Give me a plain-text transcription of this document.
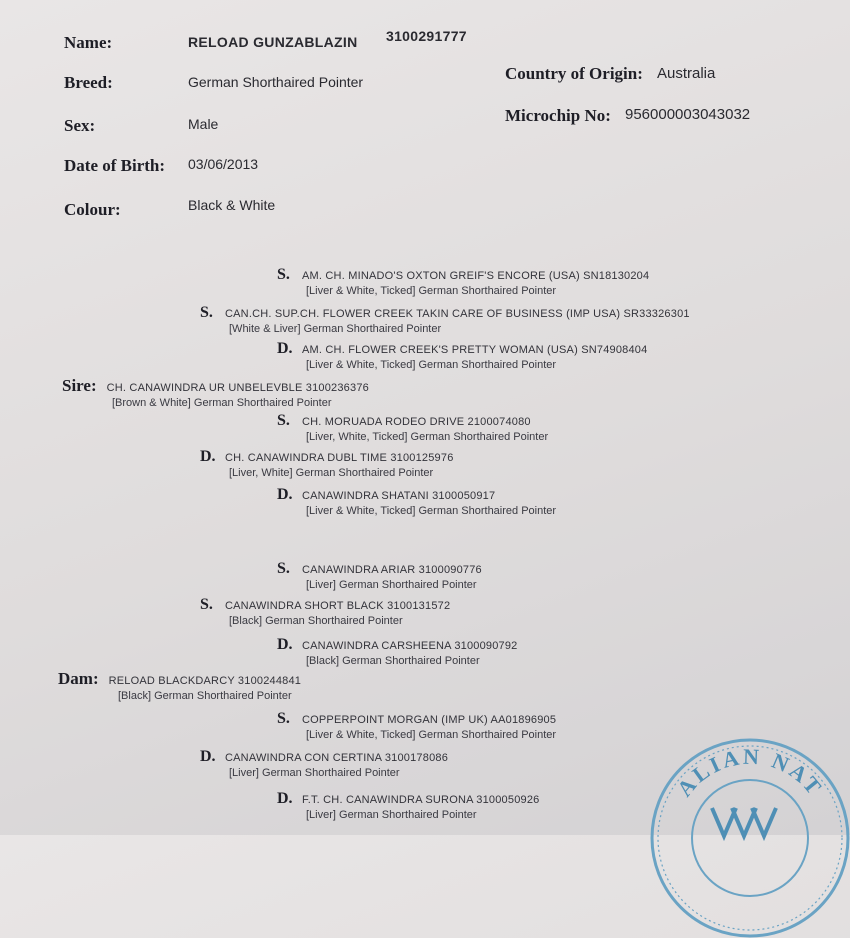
Name:	RELOAD GUNZABLAZIN 3100291777
Breed:	German Shorthaired Pointer	Country of Origin: Australia
Sex:	Male	Microchip No: 956000003043032
Date of Birth: 03/06/2013
Colour:	Black & White
S.	AM. CH. MINADO'S OXTON GREIF'S ENCORE (USA) SN18130204
[Liver & White, Ticked] German Shorthaired Pointer
S.	CAN.CH. SUP.CH. FLOWER CREEK TAKIN CARE OF BUSINESS (IMP USA) SR33326301
[White & Liver] German Shorthaired Pointer
D. AM. CH. FLOWER CREEK'S PRETTY WOMAN (USA) SN74908404
[Liver & White, Ticked] German Shorthaired Pointer
Sire: CH. CANAWINDRA UR UNBELEVBLE 3100236376
[Brown & White] German Shorthaired Pointer
S.	CH. MORUADA RODEO DRIVE 2100074080
[Liver, White, Ticked] German Shorthaired Pointer
D. CH. CANAWINDRA DUBL TIME 3100125976
[Liver, White] German Shorthaired Pointer
D. CANAWINDRA SHATANI 3100050917
[Liver & White, Ticked] German Shorthaired Pointer
S.	CANAWINDRA ARIAR 3100090776
[Liver] German Shorthaired Pointer
S.	CANAWINDRA SHORT BLACK 3100131572
[Black] German Shorthaired Pointer
D. CANAWINDRA CARSHEENA 3100090792
[Black] German Shorthaired Pointer
Dam: RELOAD BLACKDARCY 3100244841
[Black] German Shorthaired Pointer
S.	COPPERPOINT MORGAN (IMP UK) AA01896905
[Liver & White, Ticked] German Shorthaired Pointer
D. CANAWINDRA CON CERTINA 3100178086
[Liver] German Shorthaired Pointer
D. F.T. CH. CANAWINDRA SURONA 3100050926
[Liver] German Shorthaired Pointer
ALIAN NAT
